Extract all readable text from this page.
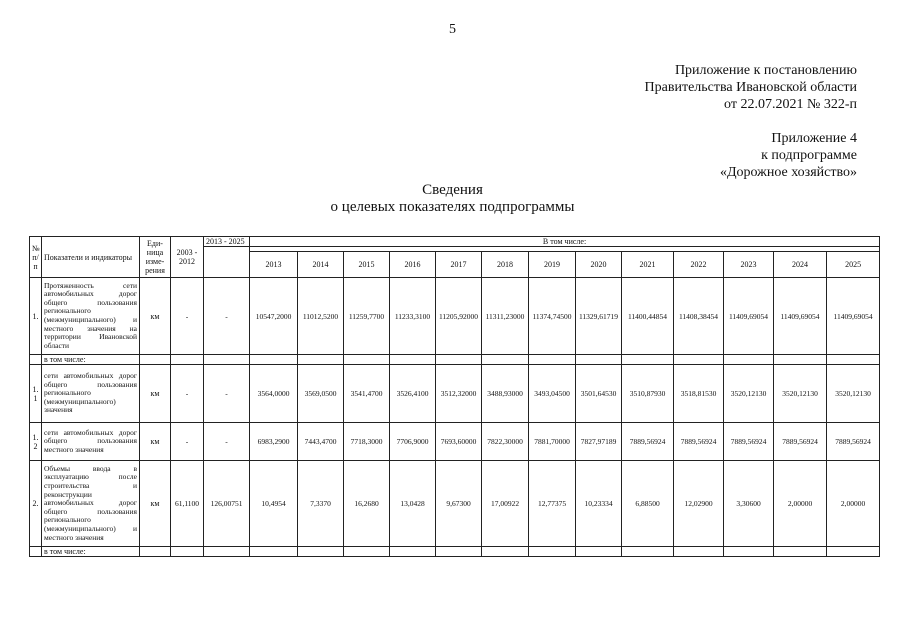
5
Приложение к постановлению
Правительства Ивановской области
от 22.07.2021 № 322-п
Приложение 4
к подпрограмме
«Дорожное хозяйство»
Сведения
о целевых показателях подпрограммы
№ п/п	Показатели и индикаторы	Еди-ница изме-рения	2003 - 2012	2013 - 2025	В том числе:												

					2013	2014	2015	2016	2017	2018	2019	2020	2021	2022	2023	2024	2025
1.	Протяженность сети автомобильных дорог общего пользования регионального (межмуниципального) и местного значения на территории Ивановской области	км	-	-	10547,2000	11012,5200	11259,7700	11233,3100	11205,92000	11311,23000	11374,74500	11329,61719	11400,44854	11408,38454	11409,69054	11409,69054	11409,69054
	в том числе:																
1.1	сети автомобильных дорог общего пользования регионального (межмуниципального) значения	км	-	-	3564,0000	3569,0500	3541,4700	3526,4100	3512,32000	3488,93000	3493,04500	3501,64530	3510,87930	3518,81530	3520,12130	3520,12130	3520,12130
1.2	сети автомобильных дорог общего пользования местного значения	км	-	-	6983,2900	7443,4700	7718,3000	7706,9000	7693,60000	7822,30000	7881,70000	7827,97189	7889,56924	7889,56924	7889,56924	7889,56924	7889,56924
2.	Объемы ввода в эксплуатацию после строительства и реконструкции автомобильных дорог общего пользования регионального (межмуниципального) и местного значения	км	61,1100	126,00751	10,4954	7,3370	16,2680	13,0428	9,67300	17,00922	12,77375	10,23334	6,88500	12,02900	3,30600	2,00000	2,00000
	в том числе:																
